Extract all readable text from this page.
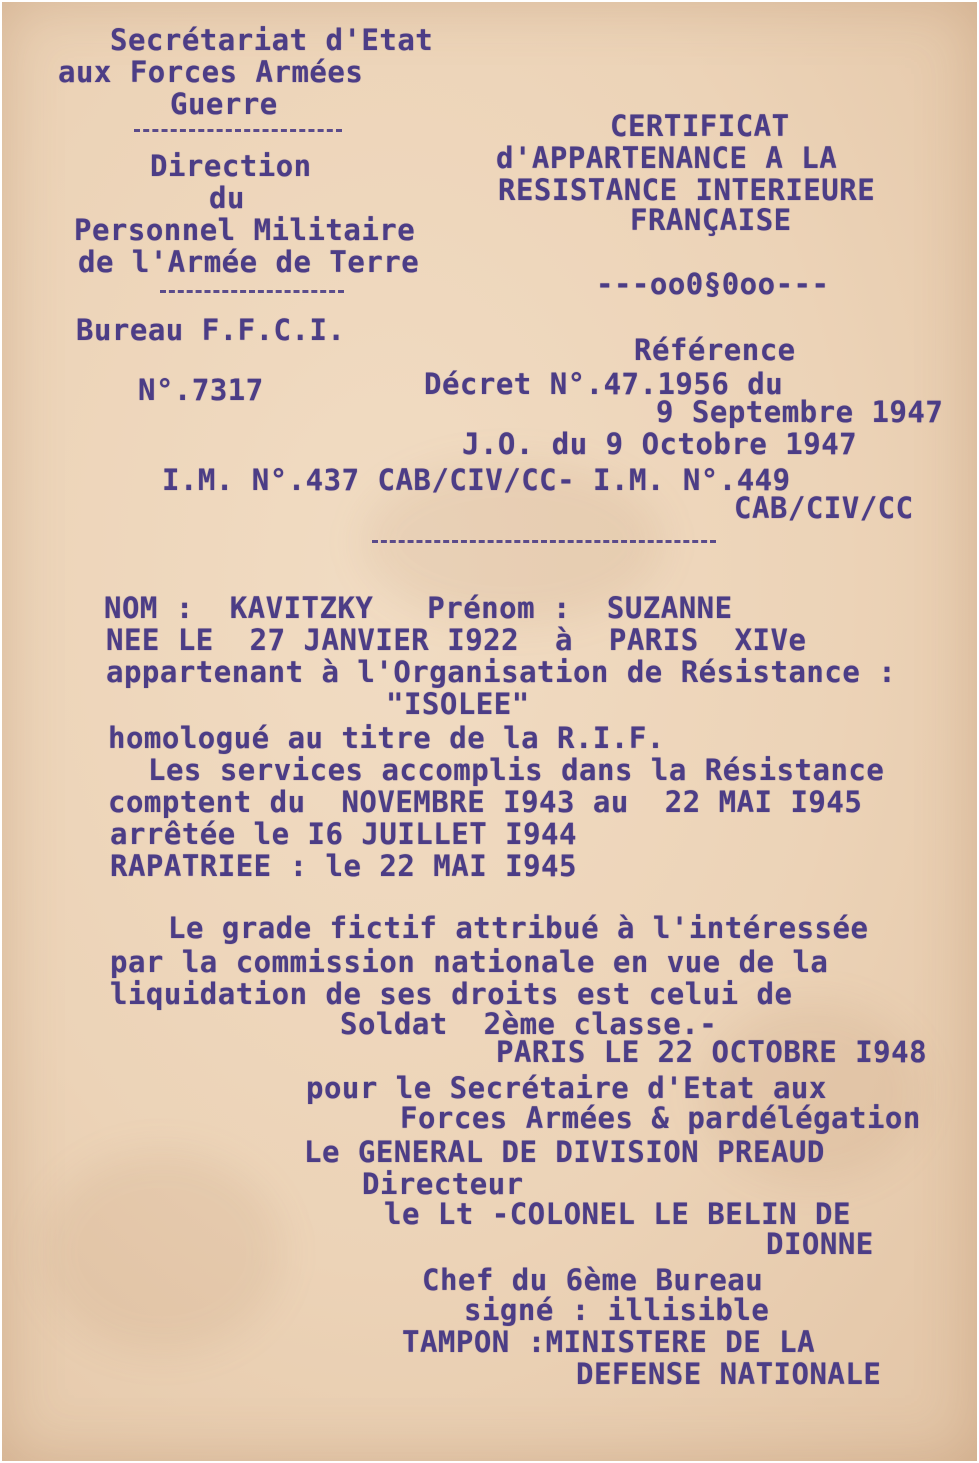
Secrétariat d'Etat

aux Forces Armées

Guerre

Direction

du

Personnel Militaire

de l'Armée de Terre

Bureau F.F.C.I.

N°.7317

CERTIFICAT

d'APPARTENANCE A LA

RESISTANCE INTERIEURE

FRANÇAISE

---oo0§0oo---

Référence

Décret N°.47.1956 du

9 Septembre 1947

J.O. du 9 Octobre 1947

I.M. N°.437 CAB/CIV/CC- I.M. N°.449

CAB/CIV/CC

NOM :  KAVITZKY   Prénom :  SUZANNE

NEE LE  27 JANVIER I922  à  PARIS  XIVe

appartenant à l'Organisation de Résistance :

"ISOLEE"

homologué au titre de la R.I.F.

Les services accomplis dans la Résistance

comptent du  NOVEMBRE I943 au  22 MAI I945

arrêtée le I6 JUILLET I944

RAPATRIEE : le 22 MAI I945

Le grade fictif attribué à l'intéressée

par la commission nationale en vue de la

liquidation de ses droits est celui de

Soldat  2ème classe.-

PARIS LE 22 OCTOBRE I948

pour le Secrétaire d'Etat aux

Forces Armées & pardélégation

Le GENERAL DE DIVISION PREAUD

Directeur

le Lt -COLONEL LE BELIN DE

DIONNE

Chef du 6ème Bureau

signé : illisible

TAMPON :MINISTERE DE LA

DEFENSE NATIONALE
